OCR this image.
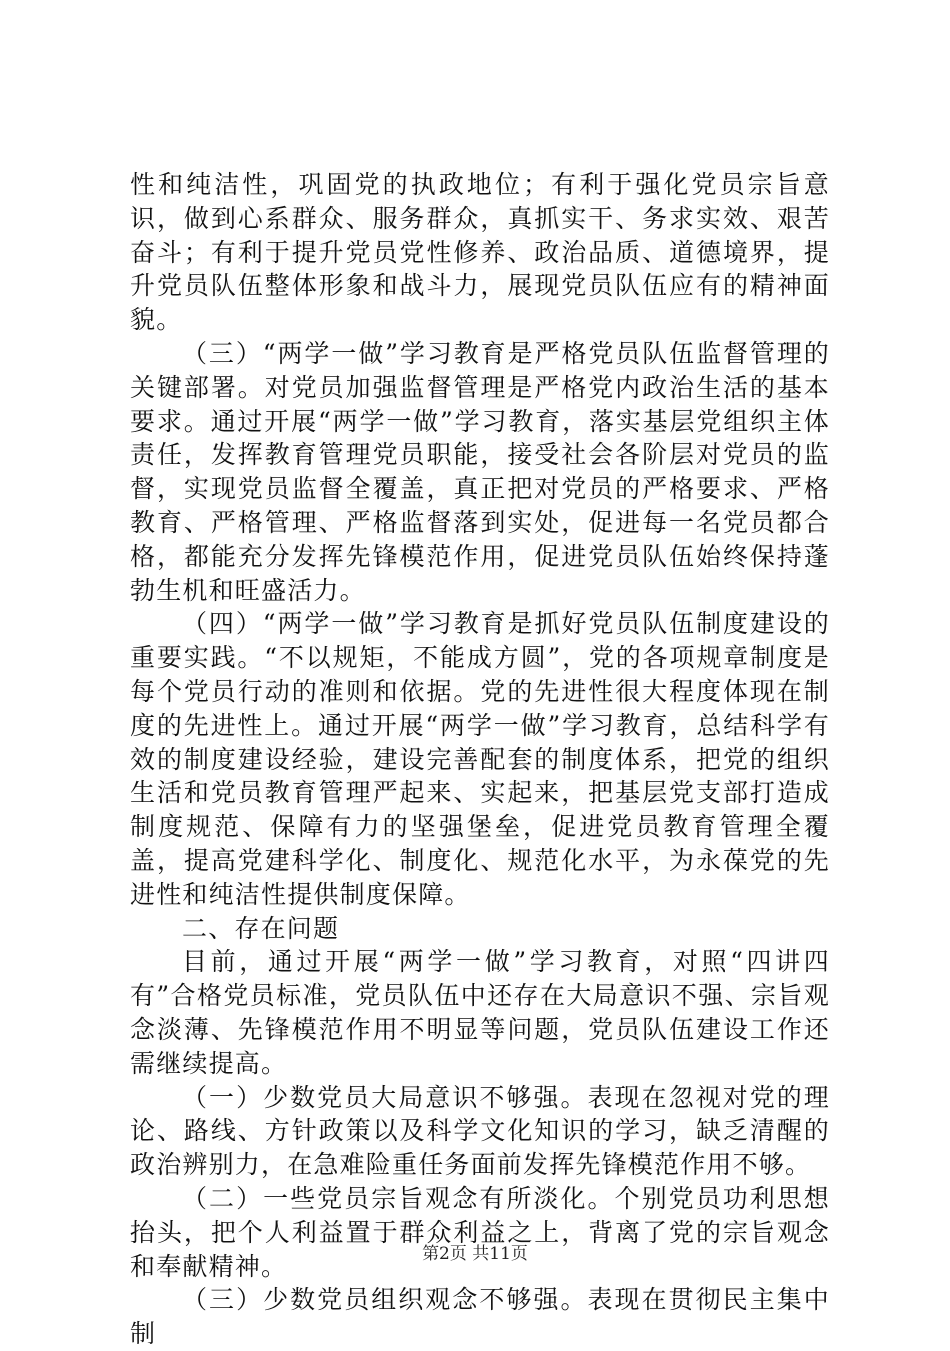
性和纯洁性，巩固党的执政地位；有利于强化党员宗旨意识，做到心系群众、服务群众，真抓实干、务求实效、艰苦奋斗；有利于提升党员党性修养、政治品质、道德境界，提升党员队伍整体形象和战斗力，展现党员队伍应有的精神面貌。

（三）“两学一做”学习教育是严格党员队伍监督管理的关键部署。对党员加强监督管理是严格党内政治生活的基本要求。通过开展“两学一做”学习教育，落实基层党组织主体责任，发挥教育管理党员职能，接受社会各阶层对党员的监督，实现党员监督全覆盖，真正把对党员的严格要求、严格教育、严格管理、严格监督落到实处，促进每一名党员都合格，都能充分发挥先锋模范作用，促进党员队伍始终保持蓬勃生机和旺盛活力。

（四）“两学一做”学习教育是抓好党员队伍制度建设的重要实践。“不以规矩，不能成方圆”，党的各项规章制度是每个党员行动的准则和依据。党的先进性很大程度体现在制度的先进性上。通过开展“两学一做”学习教育，总结科学有效的制度建设经验，建设完善配套的制度体系，把党的组织生活和党员教育管理严起来、实起来，把基层党支部打造成制度规范、保障有力的坚强堡垒，促进党员教育管理全覆盖，提高党建科学化、制度化、规范化水平，为永葆党的先进性和纯洁性提供制度保障。

二、存在问题

目前，通过开展“两学一做”学习教育，对照“四讲四有”合格党员标准，党员队伍中还存在大局意识不强、宗旨观念淡薄、先锋模范作用不明显等问题，党员队伍建设工作还需继续提高。

（一）少数党员大局意识不够强。表现在忽视对党的理论、路线、方针政策以及科学文化知识的学习，缺乏清醒的政治辨别力，在急难险重任务面前发挥先锋模范作用不够。

（二）一些党员宗旨观念有所淡化。个别党员功利思想抬头，把个人利益置于群众利益之上，背离了党的宗旨观念和奉献精神。

（三）少数党员组织观念不够强。表现在贯彻民主集中制

第2页 共11页
